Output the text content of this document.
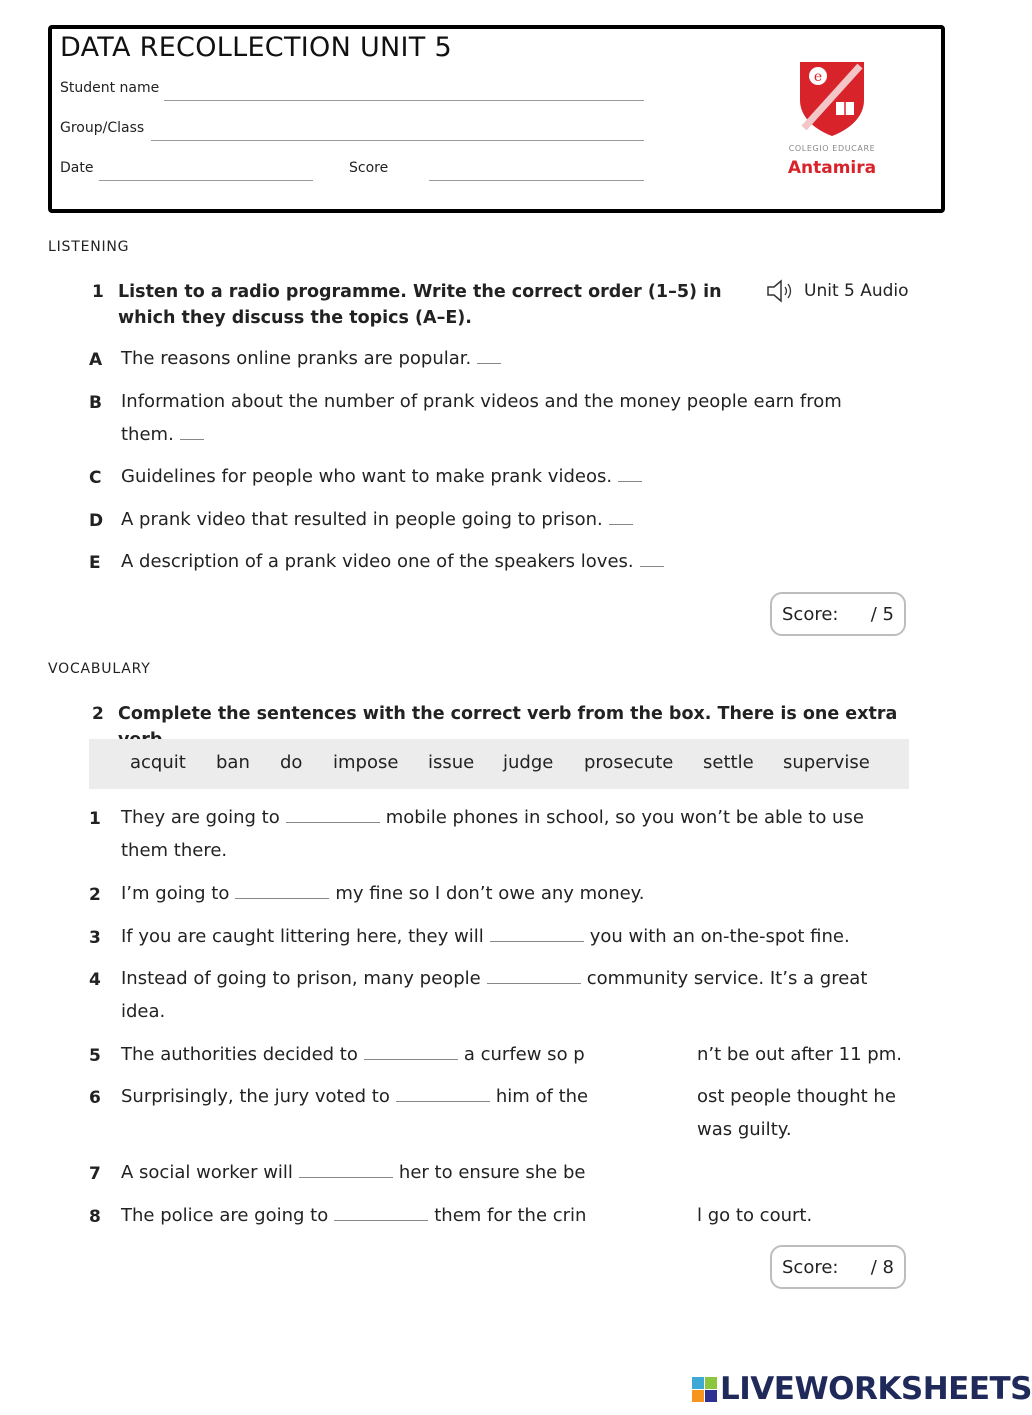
DATA RECOLLECTION UNIT 5
Student name
Group/Class
Date	Score
e
COLEGIO EDUCARE
Antamira
LISTENING
1 Listen to a radio programme. Write the correct order (1–5) in which they discuss the topics (A–E).
Unit 5 Audio
A	The reasons online pranks are popular.
B	Information about the number of prank videos and the money people earn from them.
C	Guidelines for people who want to make prank videos.
D A prank video that resulted in people going to prison.
E	A description of a prank video one of the speakers loves.
Score: / 5
VOCABULARY
2 Complete the sentences with the correct verb from the box. There is one extra
acquit ban do impose issue judge prosecute settle supervise
1	They are going to	mobile phones in school, so you won’t be able to use them there.
2	I’m going to	my fine so I don’t owe any money.
3	If you are caught littering here, they will	you with an on-the-spot fine.
4	Instead of going to prison, many people	community service. It’s a great idea.
5	The authorities decided to	a curfew so p	n’t be out after 11 pm.
6	Surprisingly, the jury voted to	him of the	ost people thought he was guilty.
7	A social worker will	her to ensure she be
8	The police are going to	them for the crin	l go to court.
Score: / 8
LIVEWORKSHEETS
